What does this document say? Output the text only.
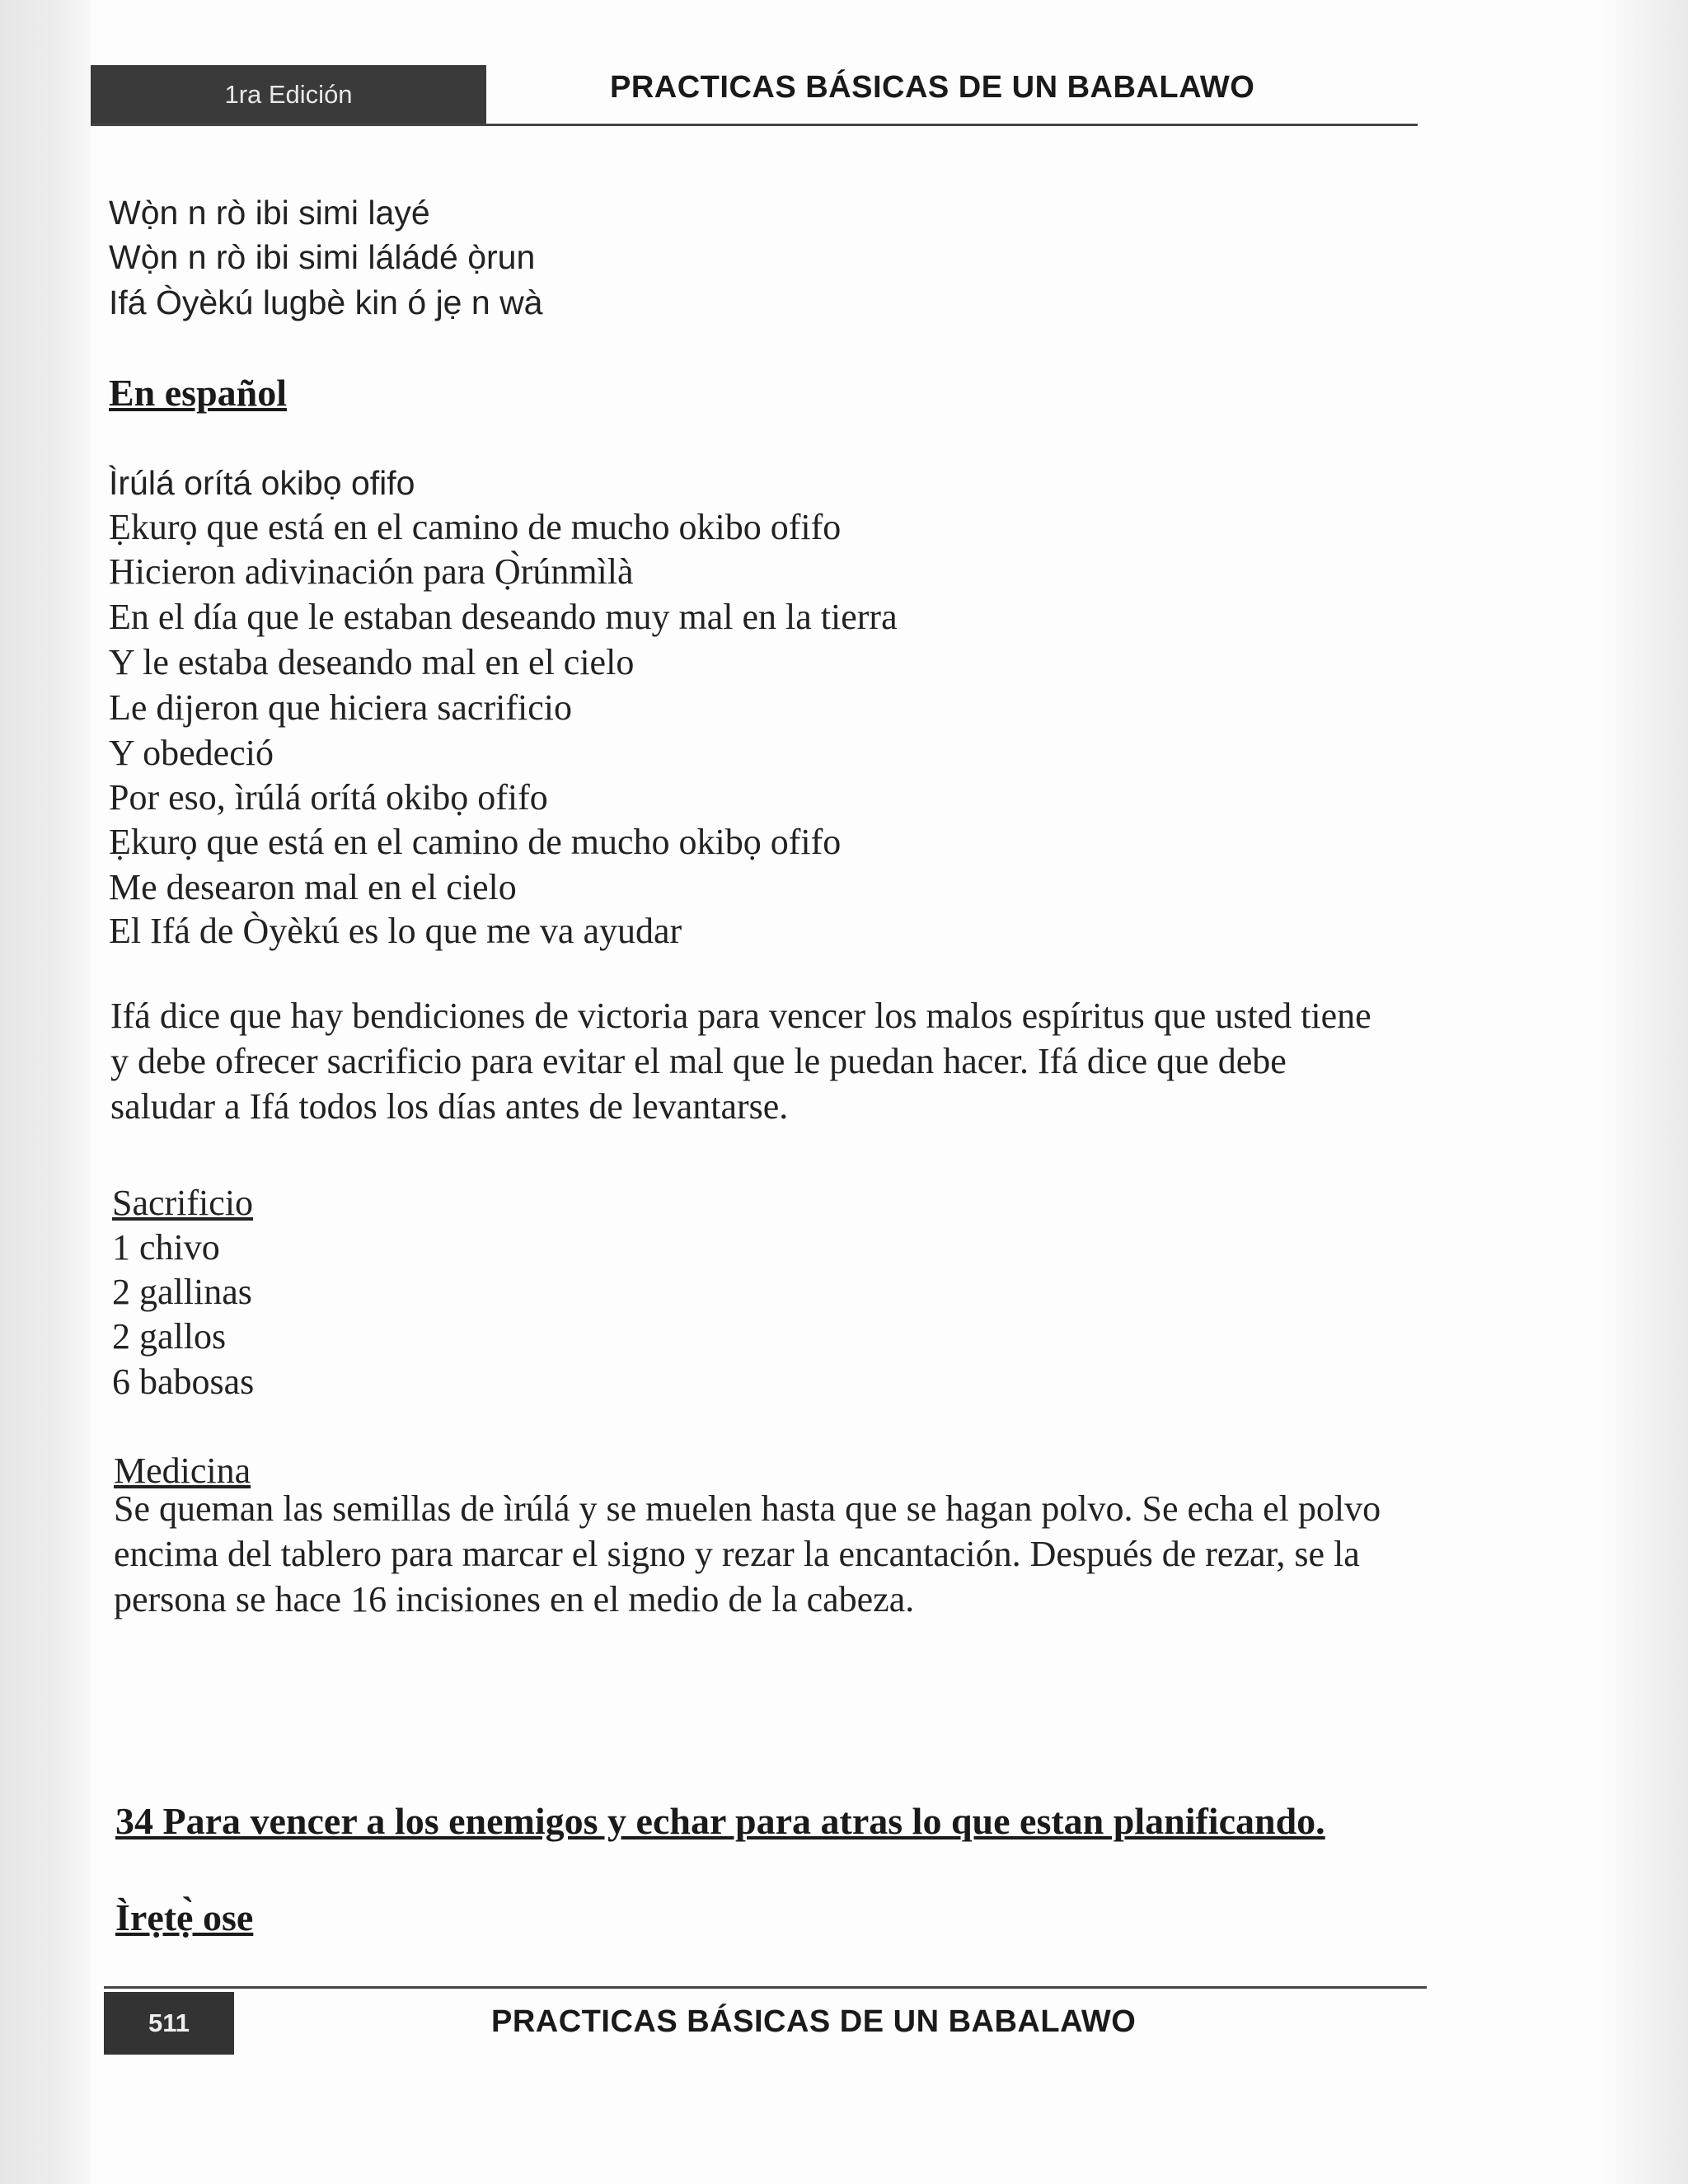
1ra Edición	PRACTICAS BÁSICAS DE UN BABALAWO
Wọ̀n n rò ibi simi layé
Wọ̀n n rò ibi simi láládé ọ̀run
Ifá Òyèkú lugbè kin ó jẹ n wà
En español
Ìrúlá orítá okibọ ofifo
Ẹkurọ que está en el camino de mucho okibo ofifo
Hicieron adivinación para Ọ̀rúnmìlà
En el día que le estaban deseando muy mal en la tierra
Y le estaba deseando mal en el cielo
Le dijeron que hiciera sacrificio
Y obedeció
Por eso, ìrúlá orítá okibọ ofifo
Ẹkurọ que está en el camino de mucho okibọ ofifo
Me desearon mal en el cielo
El Ifá de Òyèkú es lo que me va ayudar
Ifá dice que hay bendiciones de victoria para vencer los malos espíritus que usted tiene y debe ofrecer sacrificio para evitar el mal que le puedan hacer. Ifá dice que debe saludar a Ifá todos los días antes de levantarse.
Sacrificio
1 chivo
2 gallinas
2 gallos
6 babosas
Medicina
Se queman las semillas de ìrúlá y se muelen hasta que se hagan polvo. Se echa el polvo encima del tablero para marcar el signo y rezar la encantación. Después de rezar, se la persona se hace 16 incisiones en el medio de la cabeza.
34 Para vencer a los enemigos y echar para atras lo que estan planificando.
Ìrẹtẹ̀ ose
511	PRACTICAS BÁSICAS DE UN BABALAWO
